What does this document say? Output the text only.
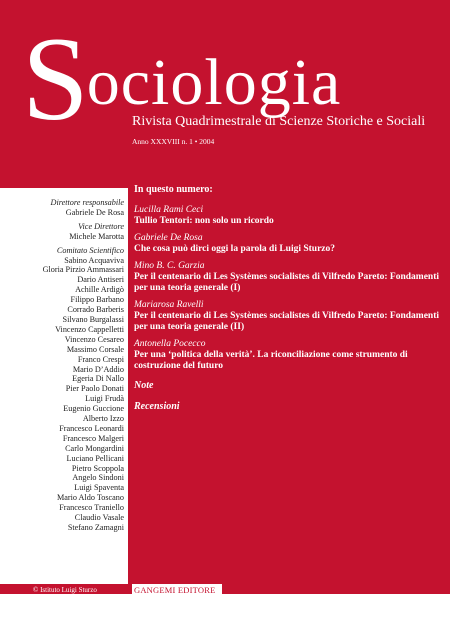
Sociologia
Rivista Quadrimestrale di Scienze Storiche e Sociali
Anno XXXVIII n. 1 • 2004
In questo numero:
Lucilla Rami Ceci
Tullio Tentori: non solo un ricordo
Gabriele De Rosa
Che cosa può dirci oggi la parola di Luigi Sturzo?
Mino B. C. Garzia
Per il centenario di Les Systèmes socialistes di Vilfredo Pareto: Fondamenti per una teoria generale (I)
Mariarosa Ravelli
Per il centenario di Les Systèmes socialistes di Vilfredo Pareto: Fondamenti per una teoria generale (II)
Antonella Pocecco
Per una ‘politica della verità’. La riconciliazione come strumento di costruzione del futuro
Note
Recensioni
Direttore responsabile
Gabriele De Rosa
Vice Direttore
Michele Marotta
Comitato Scientifico
Sabino Acquaviva
Gloria Pirzio Ammassari
Dario Antiseri
Achille Ardigò
Filippo Barbano
Corrado Barberis
Silvano Burgalassi
Vincenzo Cappelletti
Vincenzo Cesareo
Massimo Corsale
Franco Crespi
Mario D’Addio
Egeria Di Nallo
Pier Paolo Donati
Luigi Frudà
Eugenio Guccione
Alberto Izzo
Francesco Leonardi
Francesco Malgeri
Carlo Mongardini
Luciano Pellicani
Pietro Scoppola
Angelo Sindoni
Luigi Spaventa
Mario Aldo Toscano
Francesco Traniello
Claudio Vasale
Stefano Zamagni
© Istituto Luigi Sturzo	GANGEMI EDITORE
